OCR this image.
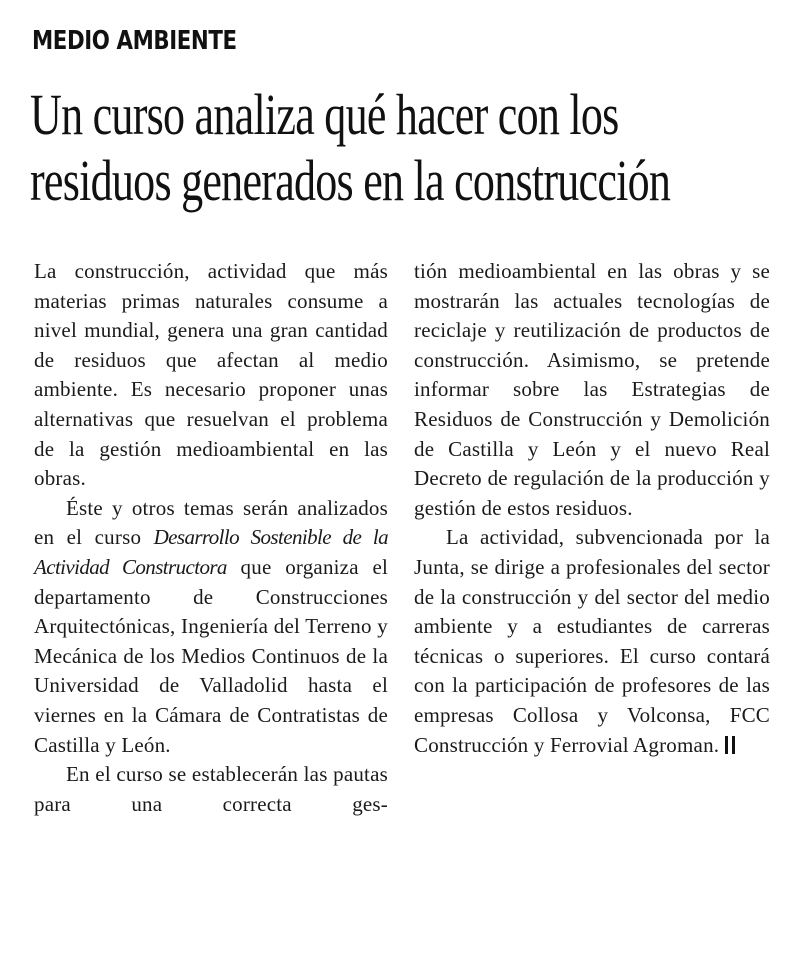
MEDIO AMBIENTE
Un curso analiza qué hacer con los
residuos generados en la construcción

La construcción, actividad que más materias primas naturales consume a nivel mundial, genera una gran cantidad de residuos que afectan al medio ambiente. Es necesario proponer unas alternativas que resuelvan el problema de la gestión medioambiental en las obras.

Éste y otros temas serán analizados en el curso Desarrollo Sostenible de la Actividad Constructora que organiza el departamento de Construcciones Arquitectónicas, Ingeniería del Terreno y Mecánica de los Medios Continuos de la Universidad de Valladolid hasta el viernes en la Cámara de Contratistas de Castilla y León.

En el curso se establecerán las pautas para una correcta ges-

tión medioambiental en las obras y se mostrarán las actuales tecnologías de reciclaje y reutilización de productos de construcción. Asimismo, se pretende informar sobre las Estrategias de Residuos de Construcción y Demolición de Castilla y León y el nuevo Real Decreto de regulación de la producción y gestión de estos residuos.

La actividad, subvencionada por la Junta, se dirige a profesionales del sector de la construcción y del sector del medio ambiente y a estudiantes de carreras técnicas o superiores. El curso contará con la participación de profesores de las empresas Collosa y Volconsa, FCC Construcción y Ferrovial Agroman.
